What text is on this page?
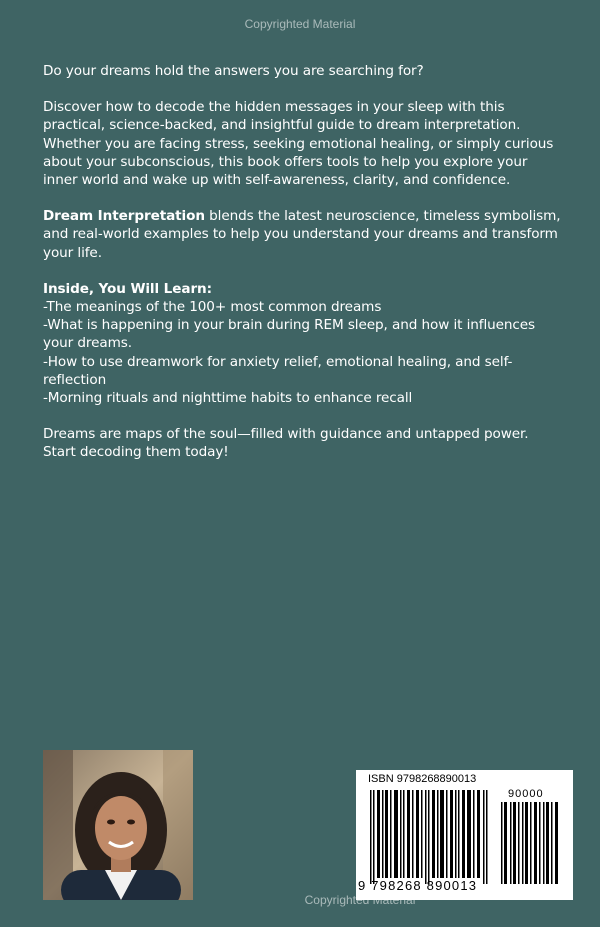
Copyrighted Material

Do your dreams hold the answers you are searching for?

Discover how to decode the hidden messages in your sleep with this practical, science-backed, and insightful guide to dream interpretation. Whether you are facing stress, seeking emotional healing, or simply curious about your subconscious, this book offers tools to help you explore your inner world and wake up with self-awareness, clarity, and confidence.

Dream Interpretation blends the latest neuroscience, timeless symbolism, and real-world examples to help you understand your dreams and transform your life.

Inside, You Will Learn:
-The meanings of the 100+ most common dreams
-What is happening in your brain during REM sleep, and how it influences your dreams.
-How to use dreamwork for anxiety relief, emotional healing, and self-reflection
-Morning rituals and nighttime habits to enhance recall

Dreams are maps of the soul—filled with guidance and untapped power. Start decoding them today!

ISBN 9798268890013
90000
9 798268 890013
Copyrighted Material
